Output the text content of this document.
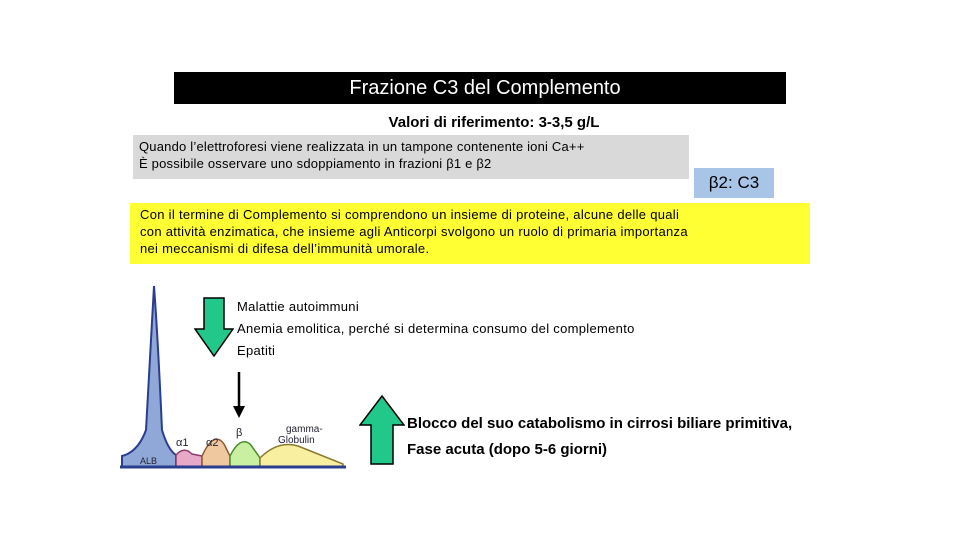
Frazione C3 del Complemento
Valori di riferimento: 3-3,5 g/L
Quando l’elettroforesi viene realizzata in un tampone contenente ioni Ca++
È possibile osservare uno sdoppiamento in frazioni β1 e β2
β2: C3
Con il termine di Complemento si comprendono un insieme di proteine, alcune delle quali
con attività enzimatica, che insieme agli Anticorpi svolgono un ruolo di primaria importanza
nei meccanismi di difesa dell’immunità umorale.
ALB
α1 α2
β	gamma-
Globulin
Malattie autoimmuni
Anemia emolitica, perché si determina consumo del complemento
Epatiti
Blocco del suo catabolismo in cirrosi biliare primitiva,
Fase acuta (dopo 5-6 giorni)
